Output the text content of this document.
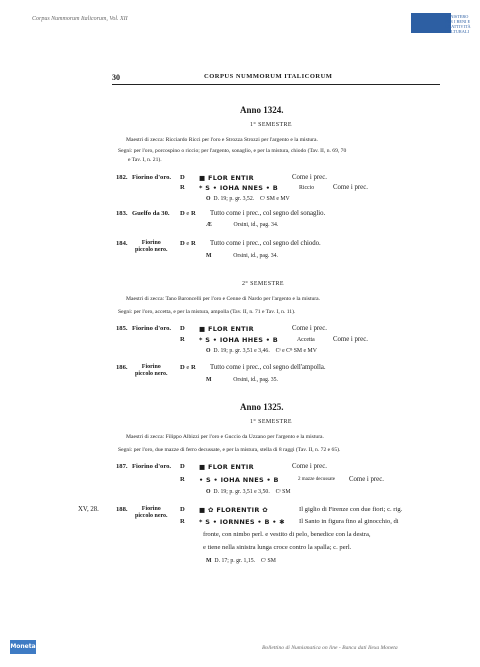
Corpus Nummorum Italicorum, Vol. XII	MINISTERO
PER I BENI E
LE ATTIVITÀ
CULTURALI
30	CORPUS NUMMORUM ITALICORUM
Anno 1324.
1° SEMESTRE
Maestri di zecca: Ricciardo Ricci per l'oro e Strozza Strozzi per l'argento e la mistura.
Segni: per l'oro, porcospino o riccio; per l'argento, sonaglio, e per la mistura, chiodo (Tav. II, n. 69, 70
e Tav. I, n. 21).
182. Fiorino d'oro. D ■ FLOR ENTIR	Come i prec.
R * S • IOHA NNES • B	Riccio	Come i prec.
O D. 19; p. gr. 3,52. Cˢ SM e MV
183. Guelfo da 30. D e R Tutto come i prec., col segno del sonaglio.
Æ	Orsini, id., pag. 34.
184.	Fiorino
piccolo nero.
D e R Tutto come i prec., col segno del chiodo.
M	Orsini, id., pag. 34.
2° SEMESTRE
Maestri di zecca: Tano Baroncelli per l'oro e Cenne di Nardo per l'argento e la mistura.
Segni: per l'oro, accetta, e per la mistura, ampolla (Tav. II, n. 71 e Tav. I, n. 11).
185. Fiorino d'oro. D ■ FLOR ENTIR	Come i prec.
R * S • IOHA HHES • B	Accetta	Come i prec.
O D. 19; p. gr. 3,51 e 3,46. Cˢ e Cᴮ SM e MV
186.	Fiorino
piccolo nero.
D e R Tutto come i prec., col segno dell'ampolla.
M	Orsini, id., pag. 35.
Anno 1325.
1° SEMESTRE
Maestri di zecca: Filippo Albizzi per l'oro e Guccio da Uzzano per l'argento e la mistura.
Segni: per l'oro, due mazze di ferro decussate, e per la mistura, stella di 8 raggi (Tav. II, n. 72 e 65).
187. Fiorino d'oro. D ■ FLOR ENTIR	Come i prec.
R • S • IOHA NNES • B	2 mazze decussate Come i prec.
O D. 19; p. gr. 3,51 e 3,50. Cˢ SM
XV, 28.	188.	Fiorino
piccolo nero.
D ■ ✿ FLORENTIR ✿	Il giglio di Firenze con due fiori; c. rig.
R * S • IORNNES • B • ✱ Il Santo in figura fino al ginocchio, di
fronte, con nimbo perl. e vestito di pelo, benedice con la destra,
e tiene nella sinistra lunga croce contro la spalla; c. perl.
M D. 17; p. gr. 1,15. Cˢ SM
Moneta	Bollettino di Numismatica on line - Banca dati Ilexa Moneta
